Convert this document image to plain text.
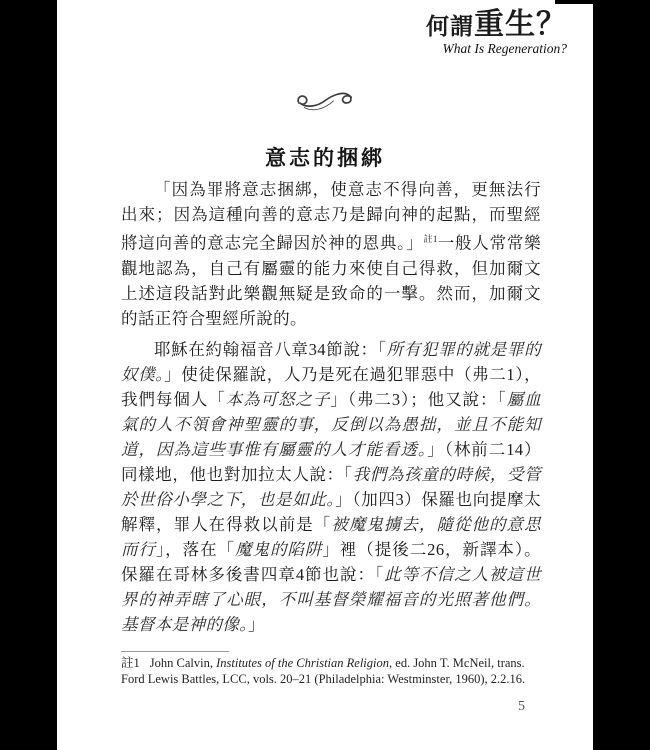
何謂重生？
What Is Regeneration?
意志的捆綁

「因為罪將意志捆綁，使意志不得向善，更無法行出來；因為這種向善的意志乃是歸向神的起點，而聖經將這向善的意志完全歸因於神的恩典。」$^{註1}$一般人常常樂觀地認為，自己有屬靈的能力來使自己得救，但加爾文上述這段話對此樂觀無疑是致命的一擊。然而，加爾文的話正符合聖經所說的。

耶穌在約翰福音八章34節說：「所有犯罪的就是罪的奴僕。」使徒保羅說，人乃是死在過犯罪惡中（弗二1），我們每個人「本為可怒之子」（弗二3）；他又說：「屬血氣的人不領會神聖靈的事，反倒以為愚拙，並且不能知道，因為這些事惟有屬靈的人才能看透。」（林前二14）同樣地，他也對加拉太人說：「我們為孩童的時候，受管於世俗小學之下，也是如此。」（加四3）保羅也向提摩太解釋，罪人在得救以前是「被魔鬼擄去，隨從他的意思而行」，落在「魔鬼的陷阱」裡（提後二26，新譯本）。保羅在哥林多後書四章4節也說：「此等不信之人被這世界的神弄瞎了心眼，不叫基督榮耀福音的光照著他們。基督本是神的像。」

註1 John Calvin, Institutes of the Christian Religion, ed. John T. McNeil, trans. Ford Lewis Battles, LCC, vols. 20–21 (Philadelphia: Westminster, 1960), 2.2.16.
5
